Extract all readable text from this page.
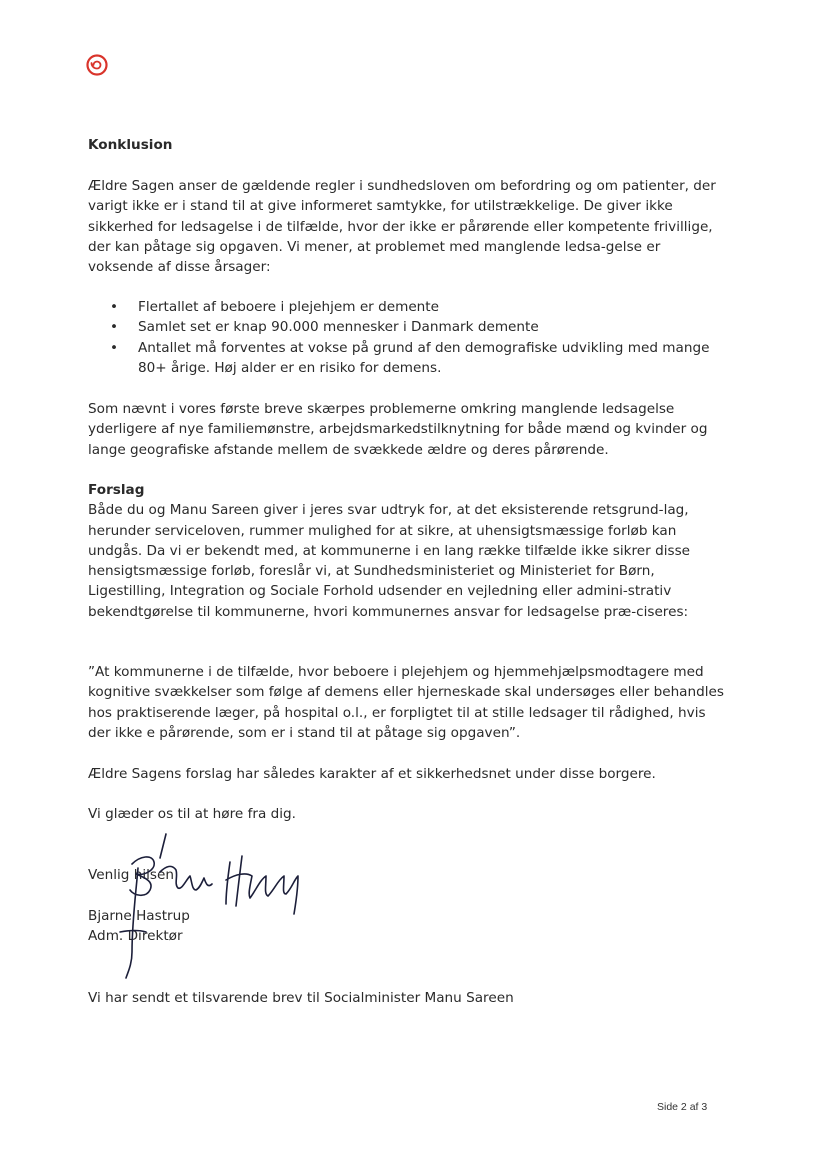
Konklusion

Ældre Sagen anser de gældende regler i sundhedsloven om befordring og om patienter, der varigt ikke er i stand til at give informeret samtykke, for utilstrækkelige. De giver ikke sikkerhed for ledsagelse i de tilfælde, hvor der ikke er pårørende eller kompetente frivillige, der kan påtage sig opgaven. Vi mener, at problemet med manglende ledsa-gelse er voksende af disse årsager:

• Flertallet af beboere i plejehjem er demente
• Samlet set er knap 90.000 mennesker i Danmark demente
• Antallet må forventes at vokse på grund af den demografiske udvikling med mange 80+ årige. Høj alder er en risiko for demens.

Som nævnt i vores første breve skærpes problemerne omkring manglende ledsagelse yderligere af nye familiemønstre, arbejdsmarkedstilknytning for både mænd og kvinder og lange geografiske afstande mellem de svækkede ældre og deres pårørende.

Forslag

Både du og Manu Sareen giver i jeres svar udtryk for, at det eksisterende retsgrund-lag, herunder serviceloven, rummer mulighed for at sikre, at uhensigtsmæssige forløb kan undgås. Da vi er bekendt med, at kommunerne i en lang række tilfælde ikke sikrer disse hensigtsmæssige forløb, foreslår vi, at Sundhedsministeriet og Ministeriet for Børn, Ligestilling, Integration og Sociale Forhold udsender en vejledning eller admini-strativ bekendtgørelse til kommunerne, hvori kommunernes ansvar for ledsagelse præ-ciseres:

”At kommunerne i de tilfælde, hvor beboere i plejehjem og hjemmehjælpsmodtagere med kognitive svækkelser som følge af demens eller hjerneskade skal undersøges eller behandles hos praktiserende læger, på hospital o.l., er forpligtet til at stille ledsager til rådighed, hvis der ikke e pårørende, som er i stand til at påtage sig opgaven”.

Ældre Sagens forslag har således karakter af et sikkerhedsnet under disse borgere.

Vi glæder os til at høre fra dig.

Venlig hilsen

Bjarne Hastrup

Adm. Direktør

Vi har sendt et tilsvarende brev til Socialminister Manu Sareen

Side 2 af 3
